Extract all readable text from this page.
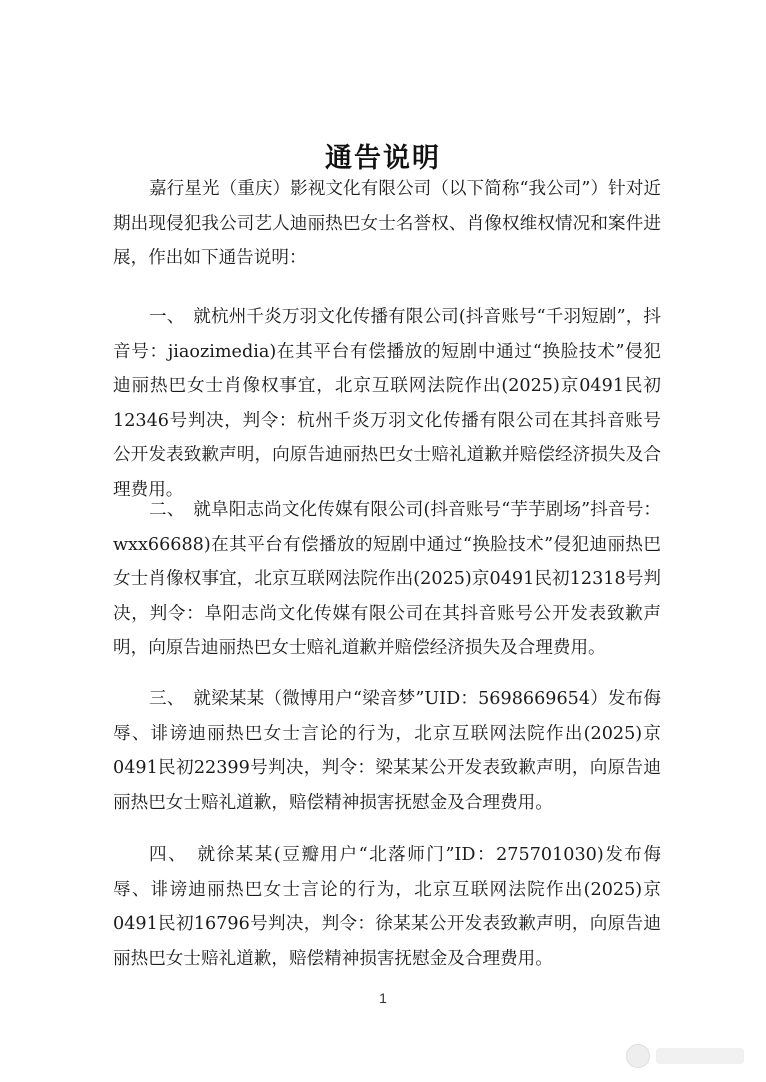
通告说明

嘉行星光（重庆）影视文化有限公司（以下简称“我公司”）针对近期出现侵犯我公司艺人迪丽热巴女士名誉权、肖像权维权情况和案件进展，作出如下通告说明：

一、　就杭州千炎万羽文化传播有限公司(抖音账号“千羽短剧”，抖音号：jiaozimedia)在其平台有偿播放的短剧中通过“换脸技术”侵犯迪丽热巴女士肖像权事宜，北京互联网法院作出(2025)京0491民初12346号判决，判令：杭州千炎万羽文化传播有限公司在其抖音账号公开发表致歉声明，向原告迪丽热巴女士赔礼道歉并赔偿经济损失及合理费用。

二、　就阜阳志尚文化传媒有限公司(抖音账号“芋芋剧场”抖音号：wxx66688)在其平台有偿播放的短剧中通过“换脸技术”侵犯迪丽热巴女士肖像权事宜，北京互联网法院作出(2025)京0491民初12318号判决，判令：阜阳志尚文化传媒有限公司在其抖音账号公开发表致歉声明，向原告迪丽热巴女士赔礼道歉并赔偿经济损失及合理费用。

三、　就梁某某（微博用户“梁音梦”UID：5698669654）发布侮辱、诽谤迪丽热巴女士言论的行为，北京互联网法院作出(2025)京0491民初22399号判决，判令：梁某某公开发表致歉声明，向原告迪丽热巴女士赔礼道歉，赔偿精神损害抚慰金及合理费用。

四、　就徐某某(豆瓣用户“北落师门”ID：275701030)发布侮辱、诽谤迪丽热巴女士言论的行为，北京互联网法院作出(2025)京0491民初16796号判决，判令：徐某某公开发表致歉声明，向原告迪丽热巴女士赔礼道歉，赔偿精神损害抚慰金及合理费用。

1
